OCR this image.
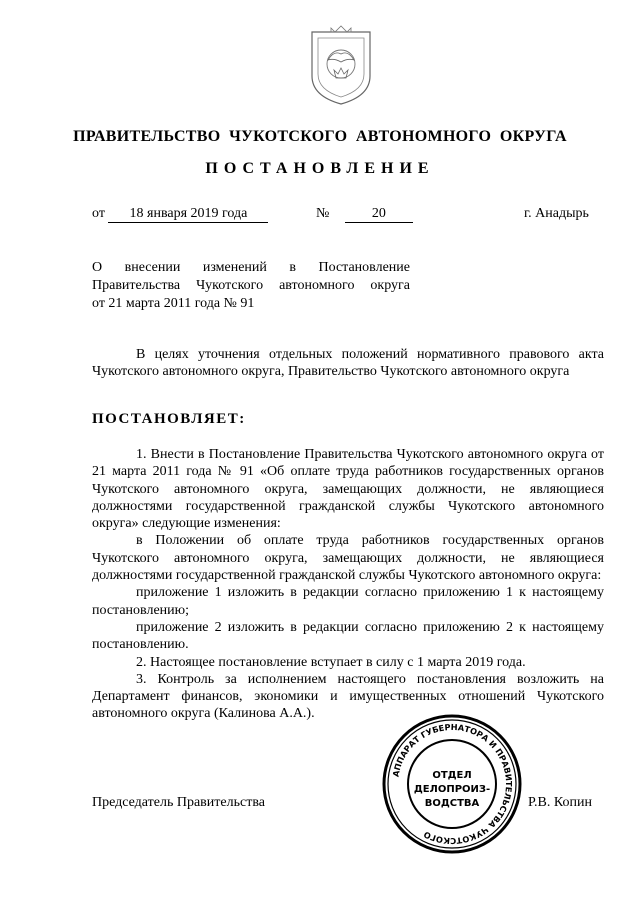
ПРАВИТЕЛЬСТВО  ЧУКОТСКОГО  АВТОНОМНОГО  ОКРУГА
ПОСТАНОВЛЕНИЕ
от 18 января 2019 года	№	20	г. Анадырь
О внесении изменений в Постановление
Правительства Чукотского автономного округа
от 21 марта 2011 года № 91

В целях уточнения отдельных положений нормативного правового акта Чукотского автономного округа, Правительство Чукотского автономного округа

ПОСТАНОВЛЯЕТ:

1. Внести в Постановление Правительства Чукотского автономного округа от 21 марта 2011 года № 91 «Об оплате труда работников государственных органов Чукотского автономного округа, замещающих должности, не являющиеся должностями государственной гражданской службы Чукотского автономного округа» следующие изменения:

в Положении об оплате труда работников государственных органов Чукотского автономного округа, замещающих должности, не являющиеся должностями государственной гражданской службы Чукотского автономного округа:

приложение 1 изложить в редакции согласно приложению 1 к настоящему постановлению;

приложение 2 изложить в редакции согласно приложению 2 к настоящему постановлению.

2. Настоящее постановление вступает в силу с 1 марта 2019 года.

3. Контроль за исполнением настоящего постановления возложить на Департамент финансов, экономики и имущественных отношений Чукотского автономного округа (Калинова А.А.).

АППАРАТ ГУБЕРНАТОРА И ПРАВИТЕЛЬСТВА ЧУКОТСКОГО
ОТДЕЛ
ДЕЛОПРОИЗ-
ВОДСТВА
Председатель Правительства	Р.В. Копин
